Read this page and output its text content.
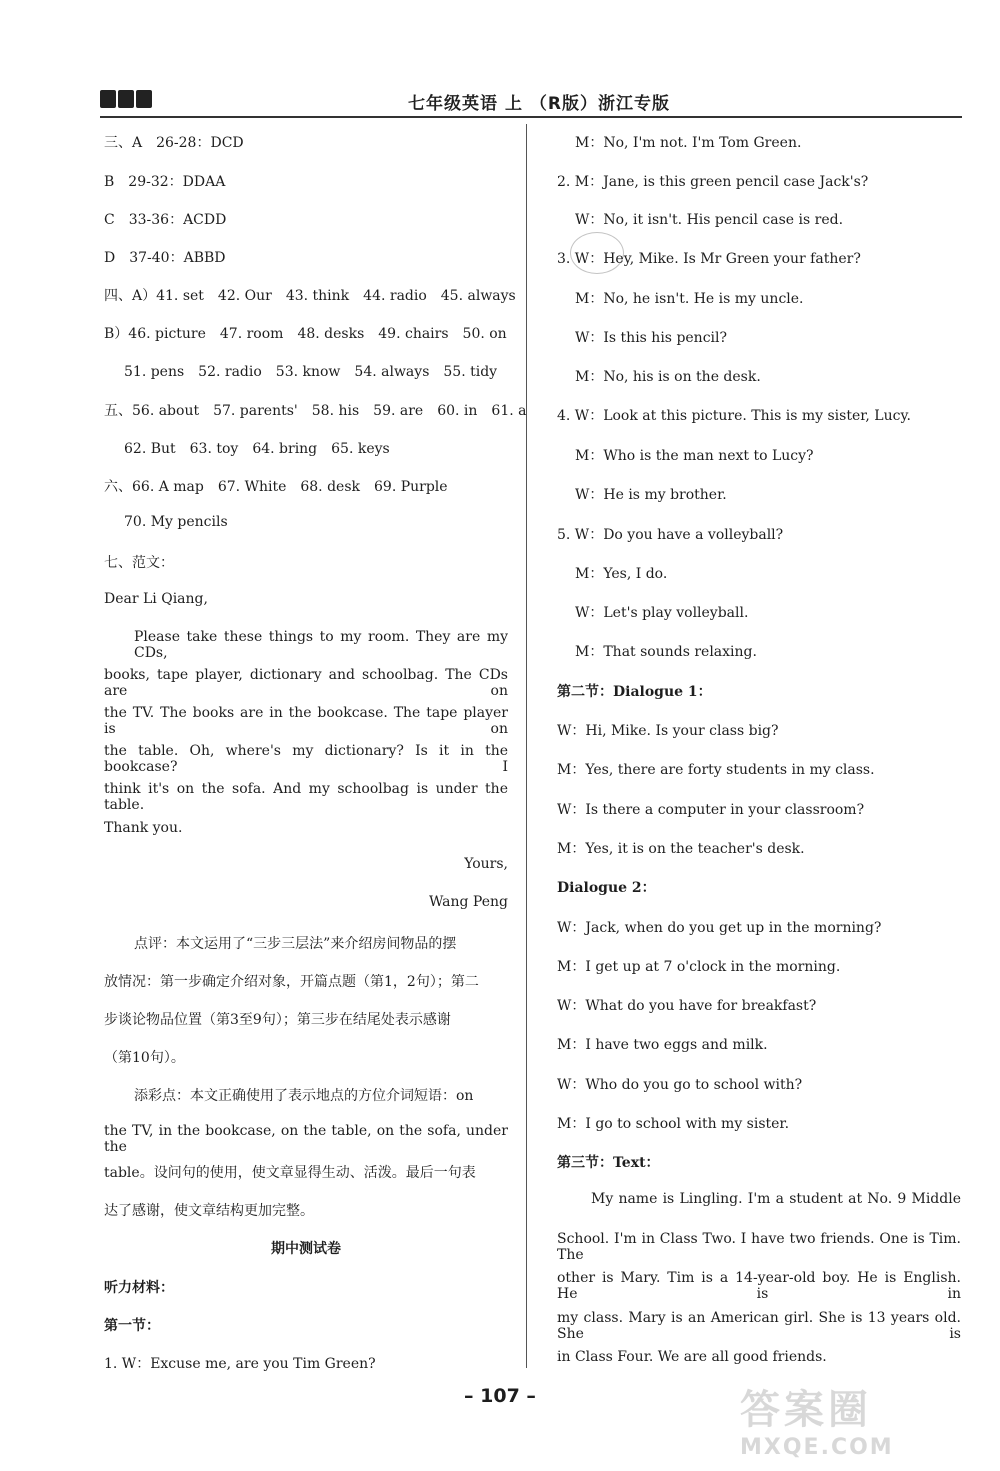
七年级英语 上 （R版）浙江专版
三、A　26-28：DCD
B　29-32：DDAA
C　33-36：ACDD
D　37-40：ABBD
四、A）41. set　42. Our　43. think　44. radio　45. always
B）46. picture　47. room　48. desks　49. chairs　50. on
51. pens　52. radio　53. know　54. always　55. tidy
五、56. about　57. parents'　58. his　59. are　60. in　61. a
62. But　63. toy　64. bring　65. keys
六、66. A map　67. White　68. desk　69. Purple
70. My pencils
七、范文：
Dear Li Qiang,
Please take these things to my room. They are my CDs,
books, tape player, dictionary and schoolbag. The CDs are on
the TV. The books are in the bookcase. The tape player is on
the table. Oh, where's my dictionary? Is it in the bookcase? I
think it's on the sofa. And my schoolbag is under the table.
Thank you.
Yours,
Wang Peng
点评：本文运用了“三步三层法”来介绍房间物品的摆
放情况：第一步确定介绍对象，开篇点题（第1，2句）；第二
步谈论物品位置（第3至9句）；第三步在结尾处表示感谢
（第10句）。
添彩点：本文正确使用了表示地点的方位介词短语：on
the TV, in the bookcase, on the table, on the sofa, under the
table。设问句的使用，使文章显得生动、活泼。最后一句表
达了感谢，使文章结构更加完整。
期中测试卷
听力材料：
第一节：
1. W：Excuse me, are you Tim Green?
M：No, I'm not. I'm Tom Green.
2. M：Jane, is this green pencil case Jack's?
W：No, it isn't. His pencil case is red.
3. W：Hey, Mike. Is Mr Green your father?
M：No, he isn't. He is my uncle.
W：Is this his pencil?
M：No, his is on the desk.
4. W：Look at this picture. This is my sister, Lucy.
M：Who is the man next to Lucy?
W：He is my brother.
5. W：Do you have a volleyball?
M：Yes, I do.
W：Let's play volleyball.
M：That sounds relaxing.
第二节：Dialogue 1：
W：Hi, Mike. Is your class big?
M：Yes, there are forty students in my class.
W：Is there a computer in your classroom?
M：Yes, it is on the teacher's desk.
Dialogue 2：
W：Jack, when do you get up in the morning?
M：I get up at 7 o'clock in the morning.
W：What do you have for breakfast?
M：I have two eggs and milk.
W：Who do you go to school with?
M：I go to school with my sister.
第三节：Text：
My name is Lingling. I'm a student at No. 9 Middle
School. I'm in Class Two. I have two friends. One is Tim. The
other is Mary. Tim is a 14-year-old boy. He is English. He is in
my class. Mary is an American girl. She is 13 years old. She is
in Class Four. We are all good friends.
– 107 –	答案圈
MXQE.COM
